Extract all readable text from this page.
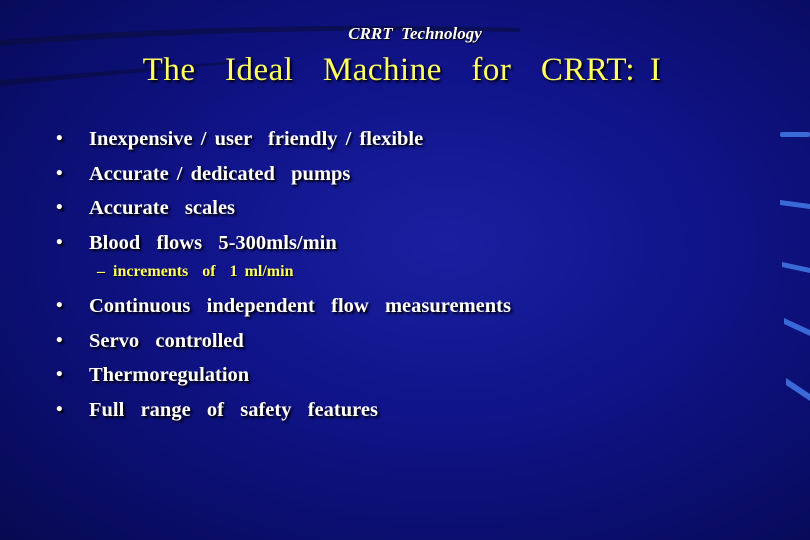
CRRT  Technology
The  Ideal  Machine  for  CRRT: I
• Inexpensive / user  friendly / flexible
• Accurate / dedicated  pumps
• Accurate  scales
• Blood  flows  5-300mls/min
– increments  of  1 ml/min
• Continuous  independent  flow  measurements
• Servo  controlled
• Thermoregulation
• Full  range  of  safety  features
